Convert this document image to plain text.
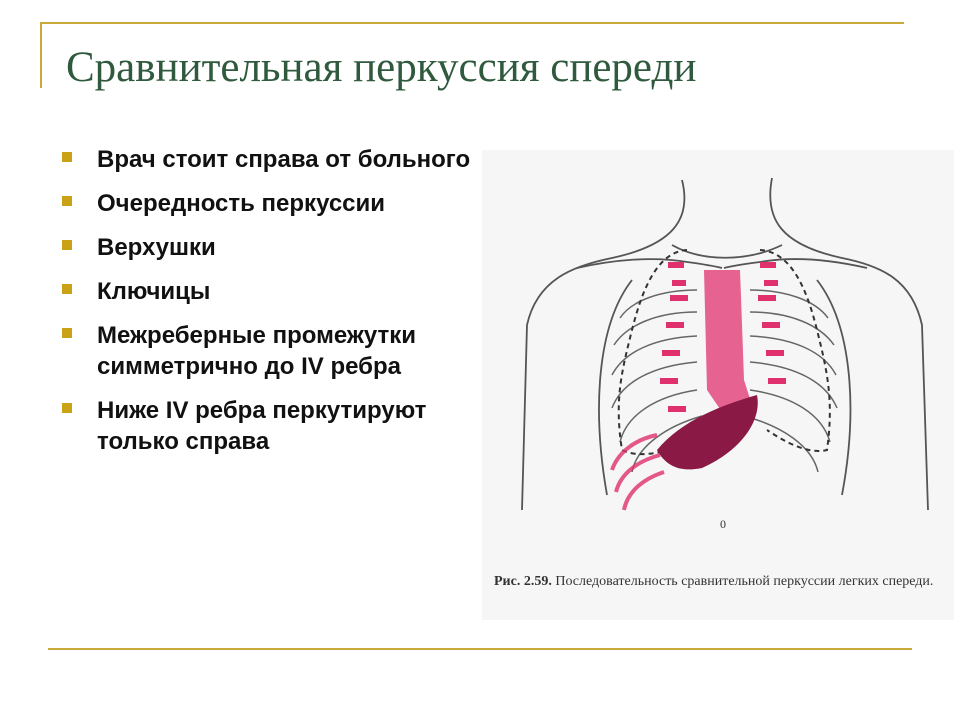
Сравнительная перкуссия спереди
Врач стоит справа от больного
Очередность перкуссии
Верхушки
Ключицы
Межреберные промежутки симметрично до IV ребра
Ниже IV ребра перкутируют только справа
0
Рис. 2.59. Последовательность сравнительной перкуссии легких спереди.
